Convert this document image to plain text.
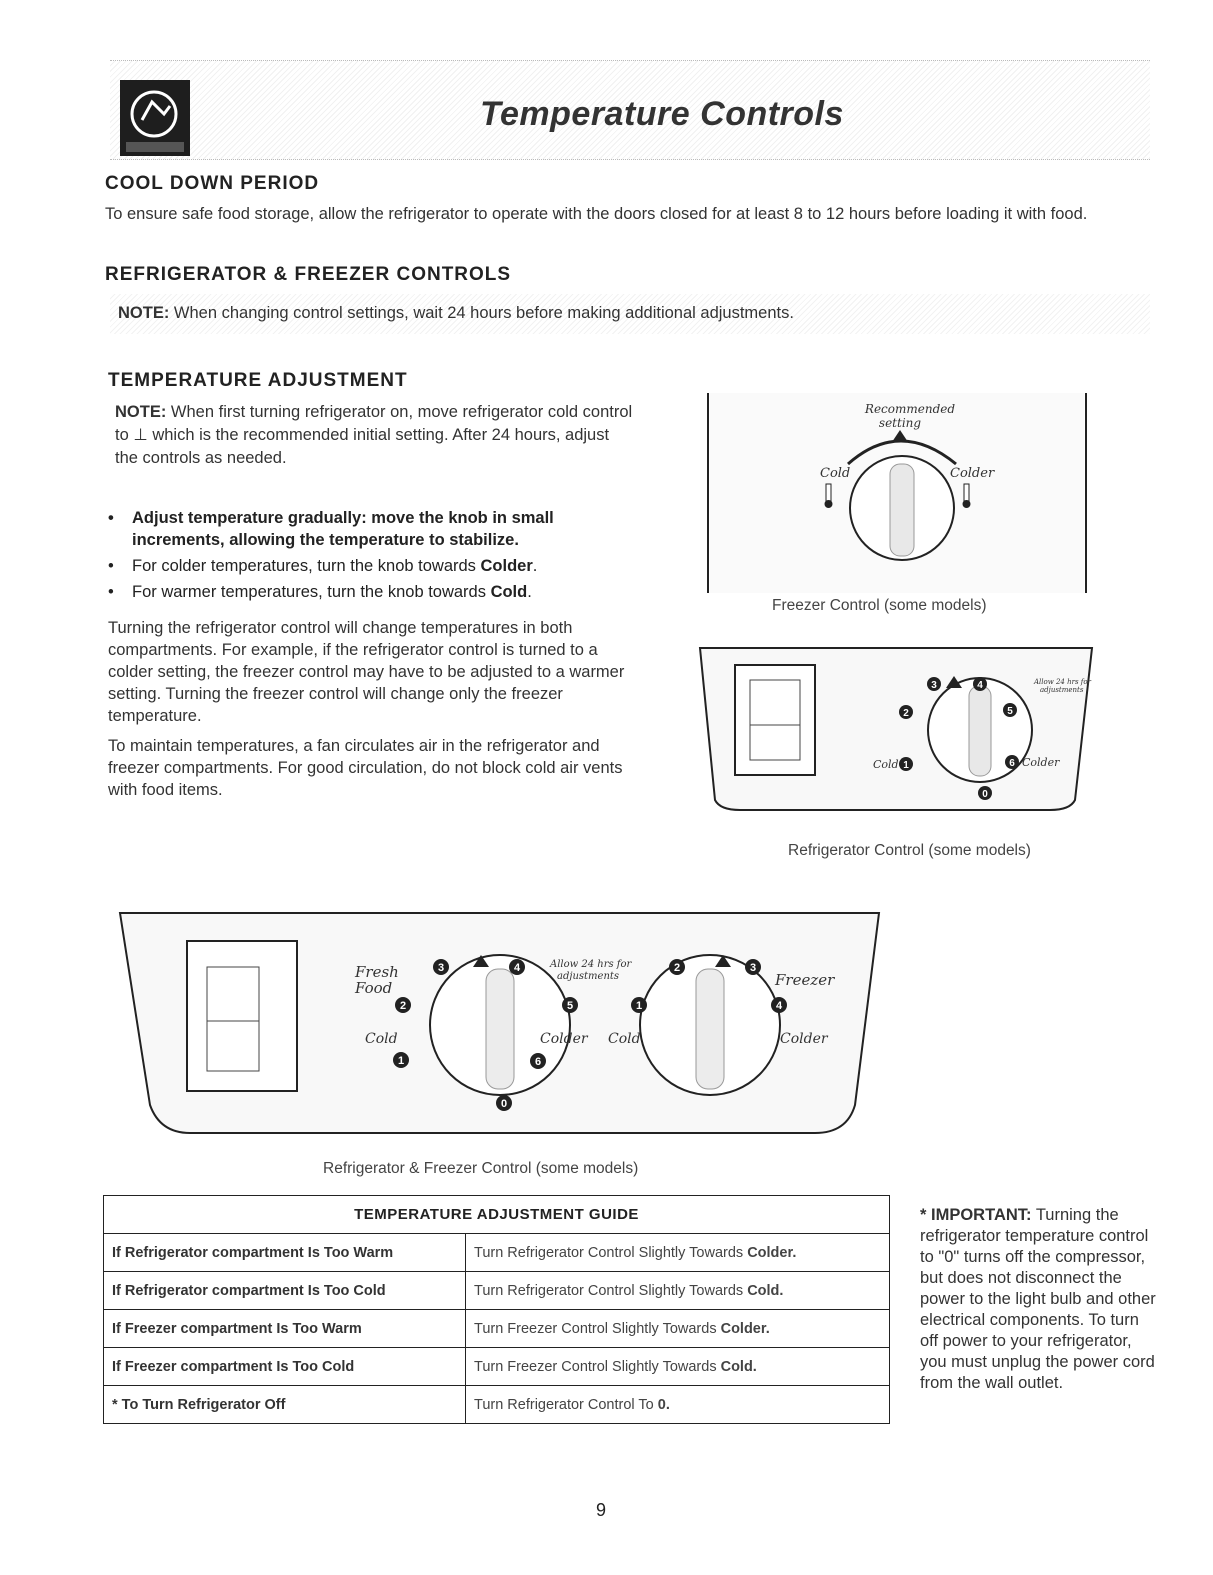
Temperature Controls
COOL DOWN PERIOD
To ensure safe food storage, allow the refrigerator to operate with the doors closed for at least 8 to 12 hours before loading it with food.
REFRIGERATOR & FREEZER CONTROLS
NOTE: When changing control settings, wait 24 hours before making additional adjustments.
TEMPERATURE ADJUSTMENT
NOTE: When first turning refrigerator on, move refrigerator cold control to ⊥ which is the recommended initial setting. After 24 hours, adjust the controls as needed.
• Adjust temperature gradually: move the knob in small increments, allowing the temperature to stabilize.
• For colder temperatures, turn the knob towards Colder.
• For warmer temperatures, turn the knob towards Cold.
Turning the refrigerator control will change temperatures in both compartments. For example, if the refrigerator control is turned to a colder setting, the freezer control may have to be adjusted to a warmer setting. Turning the freezer control will change only the freezer temperature.
To maintain temperatures, a fan circulates air in the refrigerator and freezer compartments. For good circulation, do not block cold air vents with food items.
Recommended
setting
Cold	Colder
Freezer Control (some models)
3	4
2	5
1	6
0
Cold	Colder
Allow 24 hrs for
adjustments
Refrigerator Control (some models)
3	4
2	5
1	6
0
2	3
1	4
Fresh
Food	Freezer
Allow 24 hrs for
adjustments
Cold	Colder Cold	Colder
Refrigerator & Freezer Control (some models)
TEMPERATURE ADJUSTMENT GUIDE	
If Refrigerator compartment Is Too Warm	Turn Refrigerator Control Slightly Towards Colder.
If Refrigerator compartment Is Too Cold	Turn Refrigerator Control Slightly Towards Cold.
If Freezer compartment Is Too Warm	Turn Freezer Control Slightly Towards Colder.
If Freezer compartment Is Too Cold	Turn Freezer Control Slightly Towards Cold.
* To Turn Refrigerator Off	Turn Refrigerator Control To 0.
* IMPORTANT: Turning the refrigerator temperature control to "0" turns off the compressor, but does not disconnect the power to the light bulb and other electrical components. To turn off power to your refrigerator, you must unplug the power cord from the wall outlet.
9
